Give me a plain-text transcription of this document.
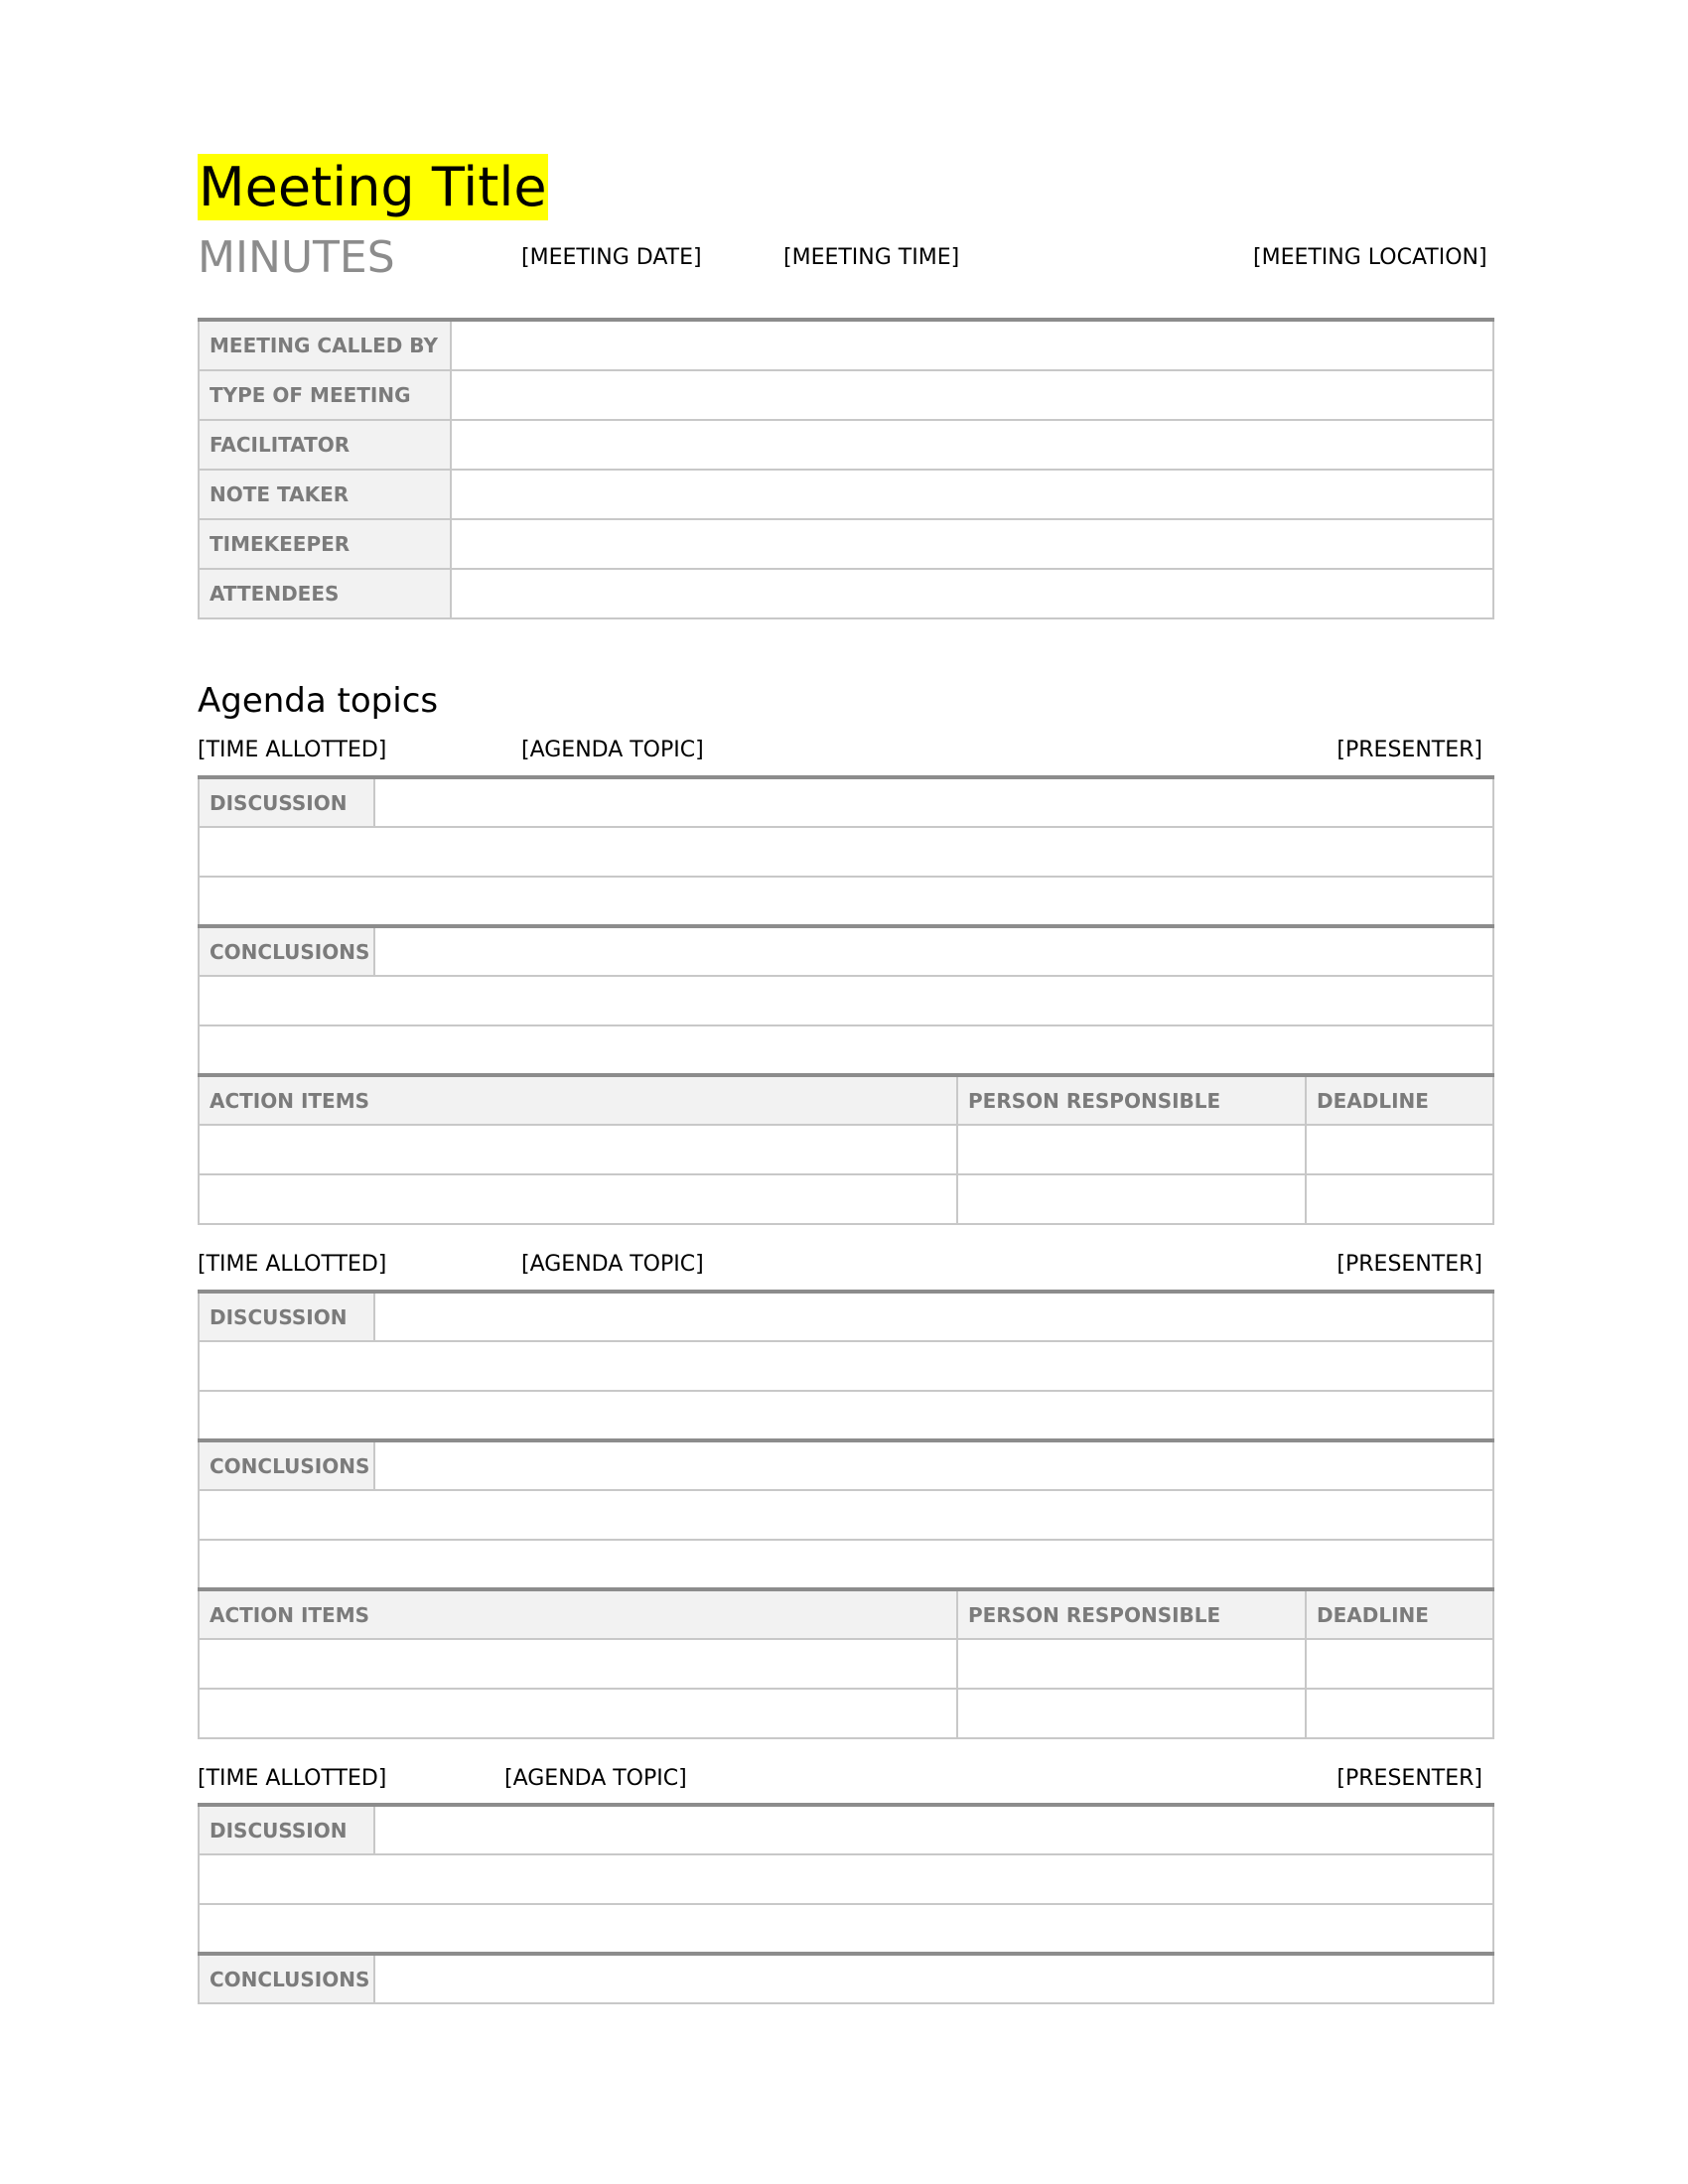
Meeting Title
MINUTES	[MEETING DATE]	[MEETING TIME]	[MEETING LOCATION]
MEETING CALLED BY	
TYPE OF MEETING	
FACILITATOR	
NOTE TAKER	
TIMEKEEPER	
ATTENDEES	
Agenda topics
[TIME ALLOTTED]	[AGENDA TOPIC]	[PRESENTER]
DISCUSSION	

CONCLUSIONS	

ACTION ITEMS	PERSON RESPONSIBLE	DEADLINE

[TIME ALLOTTED]	[AGENDA TOPIC]	[PRESENTER]
DISCUSSION	

CONCLUSIONS	

ACTION ITEMS	PERSON RESPONSIBLE	DEADLINE

[TIME ALLOTTED]	[AGENDA TOPIC]	[PRESENTER]
DISCUSSION	

CONCLUSIONS	
